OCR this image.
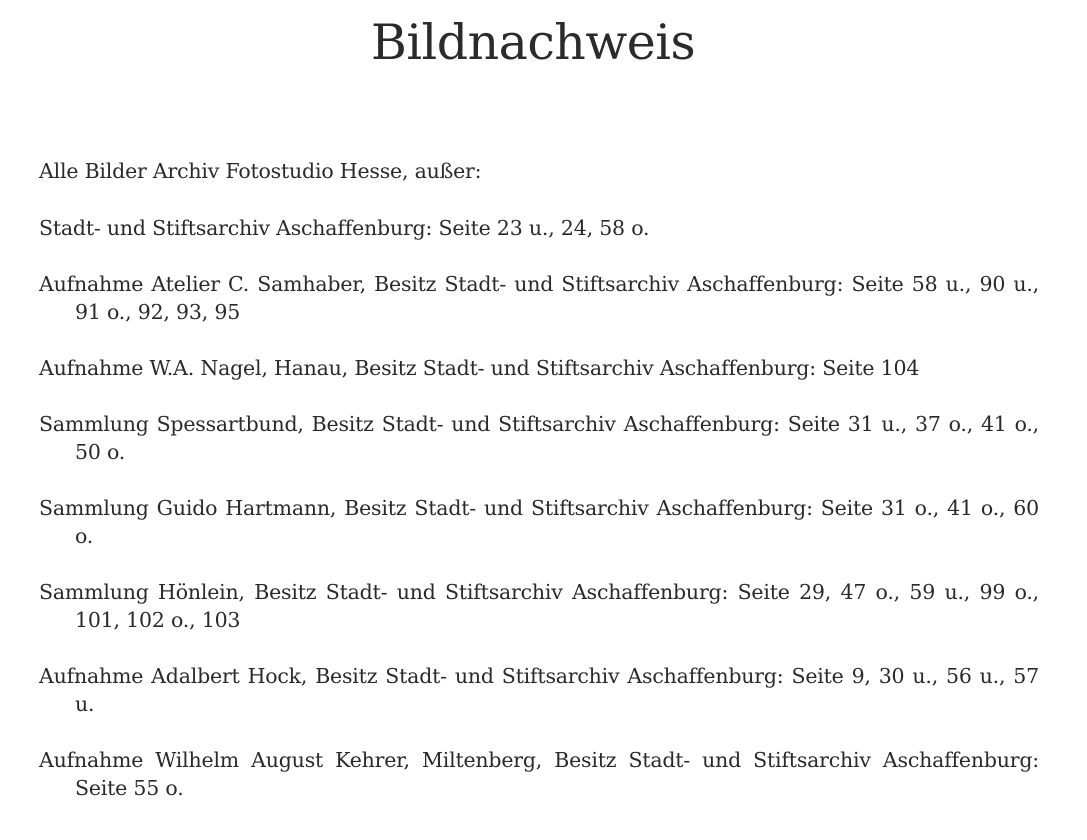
Bildnachweis

Alle Bilder Archiv Fotostudio Hesse, außer:

Stadt- und Stiftsarchiv Aschaffenburg: Seite 23 u., 24, 58 o.

Aufnahme Atelier C. Samhaber, Besitz Stadt- und Stiftsarchiv Aschaffenburg: Seite 58 u., 90 u., 91 o., 92, 93, 95

Aufnahme W.A. Nagel, Hanau, Besitz Stadt- und Stiftsarchiv Aschaffenburg: Seite 104

Sammlung Spessartbund, Besitz Stadt- und Stiftsarchiv Aschaffenburg: Seite 31 u., 37 o., 41 o., 50 o.

Sammlung Guido Hartmann, Besitz Stadt- und Stiftsarchiv Aschaffenburg: Seite 31 o., 41 o., 60 o.

Sammlung Hönlein, Besitz Stadt- und Stiftsarchiv Aschaffenburg: Seite 29, 47 o., 59 u., 99 o., 101, 102 o., 103

Aufnahme Adalbert Hock, Besitz Stadt- und Stiftsarchiv Aschaffenburg: Seite 9, 30 u., 56 u., 57 u.

Aufnahme Wilhelm August Kehrer, Miltenberg, Besitz Stadt- und Stiftsarchiv Aschaffenburg: Seite 55 o.
